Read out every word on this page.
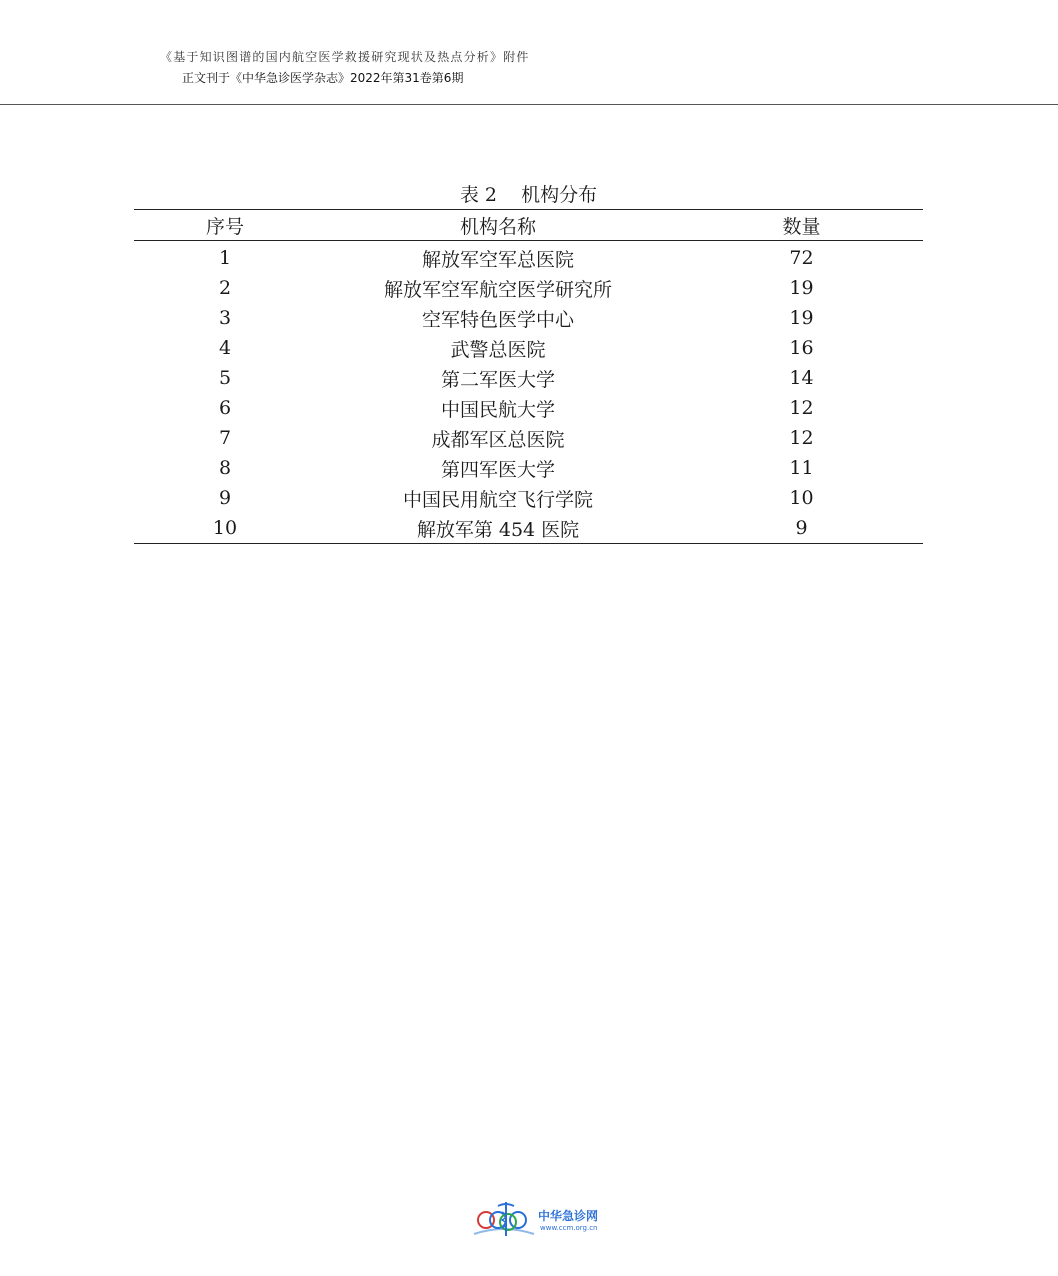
《基于知识图谱的国内航空医学救援研究现状及热点分析》附件
正文刊于《中华急诊医学杂志》2022年第31卷第6期
表 2    机构分布
序号	机构名称	数量
1	解放军空军总医院	72
2	解放军空军航空医学研究所	19
3	空军特色医学中心	19
4	武警总医院	16
5	第二军医大学	14
6	中国民航大学	12
7	成都军区总医院	12
8	第四军医大学	11
9	中国民用航空飞行学院	10
10	解放军第 454 医院	9
中华急诊网
www.ccm.org.cn
